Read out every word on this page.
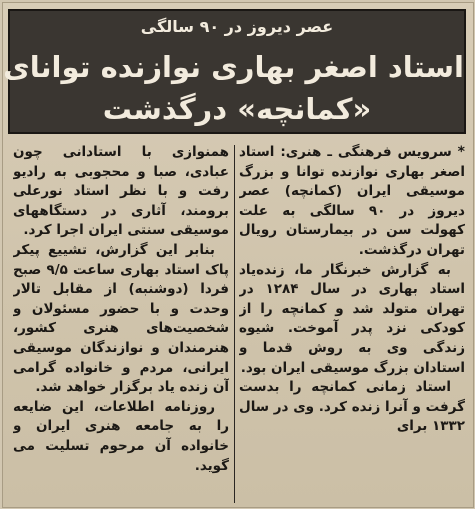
عصر دیروز در ۹۰ سالگی
استاد اصغر بهاری نوازنده توانای
«کمانچه» درگذشت

* سرویس فرهنگی ـ هنری: استاد اصغر بهاری نوازنده توانا و بزرگ موسیقی ایران (کمانچه) عصر دیروز در ۹۰ سالگی به علت کهولت سن در بیمارستان رویال تهران درگذشت.

به گزارش خبرنگار ما، زنده‌یاد استاد بهاری در سال ۱۲۸۴ در تهران متولد شد و کمانچه را از کودکی نزد پدر آموخت. شیوه زندگی وی به روش قدما و استادان بزرگ موسیقی ایران بود.

استاد زمانی کمانچه را بدست گرفت و آنرا زنده کرد. وی در سال ۱۳۳۲ برای

همنوازی با استادانی چون عبادی، صبا و محجوبی به رادیو رفت و با نظر استاد نورعلی برومند، آثاری در دستگاههای موسیقی سنتی ایران اجرا کرد.

بنابر این گزارش، تشییع پیکر پاک استاد بهاری ساعت ۹/۵ صبح فردا (دوشنبه) از مقابل تالار وحدت و با حضور مسئولان و شخصیت‌های هنری کشور، هنرمندان و نوازندگان موسیقی ایرانی، مردم و خانواده گرامی آن زنده یاد برگزار خواهد شد.

روزنامه اطلاعات، این ضایعه را به جامعه هنری ایران و خانواده آن مرحوم تسلیت می گوید.
